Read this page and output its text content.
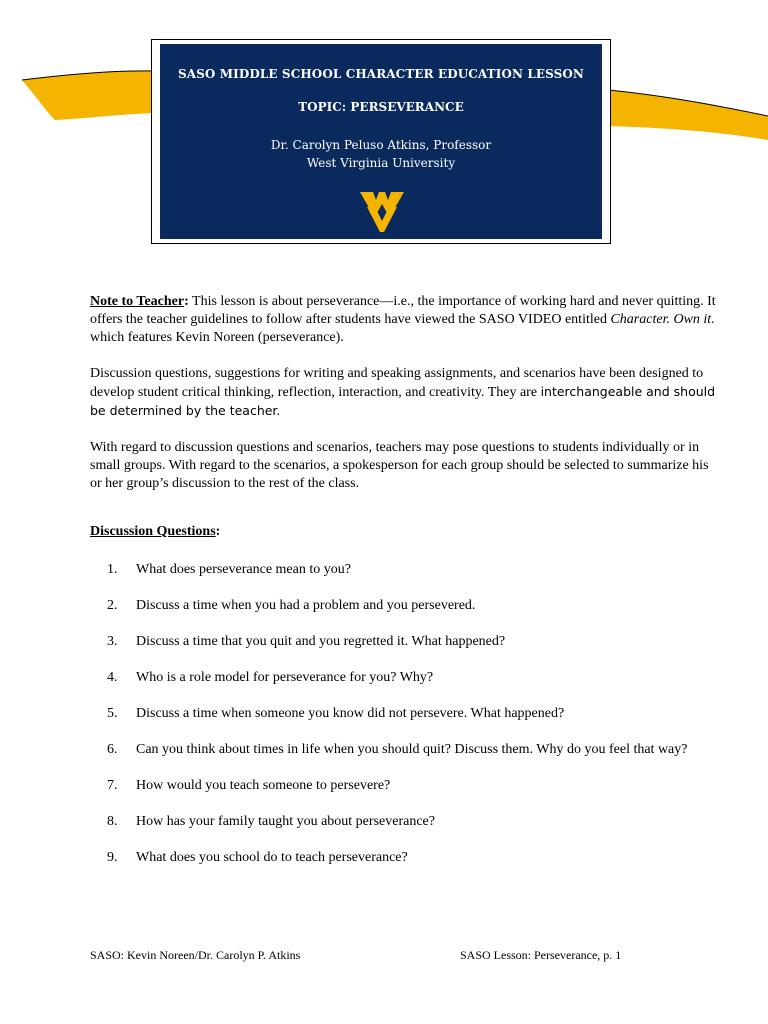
SASO MIDDLE SCHOOL CHARACTER EDUCATION LESSON
TOPIC: PERSEVERANCE
Dr. Carolyn Peluso Atkins, Professor
West Virginia University

Note to Teacher: This lesson is about perseverance—i.e., the importance of working hard and never quitting. It offers the teacher guidelines to follow after students have viewed the SASO VIDEO entitled Character. Own it. which features Kevin Noreen (perseverance).

Discussion questions, suggestions for writing and speaking assignments, and scenarios have been designed to develop student critical thinking, reflection, interaction, and creativity. They are interchangeable and should be determined by the teacher.

With regard to discussion questions and scenarios, teachers may pose questions to students individually or in small groups. With regard to the scenarios, a spokesperson for each group should be selected to summarize his or her group’s discussion to the rest of the class.

Discussion Questions:
1.	What does perseverance mean to you?
2.	Discuss a time when you had a problem and you persevered.
3.	Discuss a time that you quit and you regretted it. What happened?
4.	Who is a role model for perseverance for you? Why?
5.	Discuss a time when someone you know did not persevere. What happened?
6.	Can you think about times in life when you should quit? Discuss them. Why do you feel that way?
7.	How would you teach someone to persevere?
8.	How has your family taught you about perseverance?
9.	What does you school do to teach perseverance?
SASO: Kevin Noreen/Dr. Carolyn P. Atkins	SASO Lesson: Perseverance, p. 1
